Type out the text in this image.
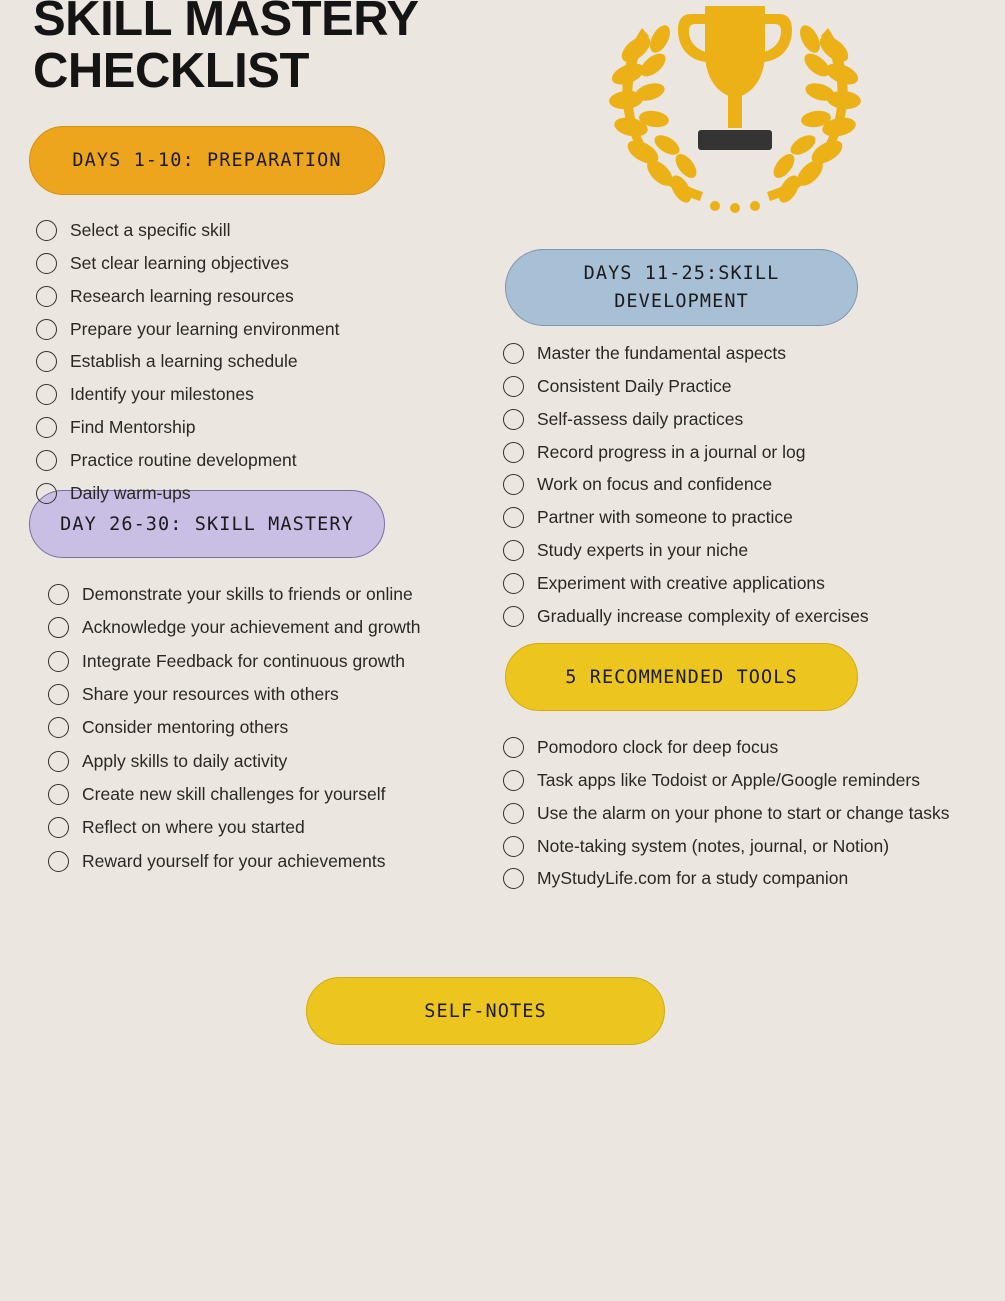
SKILL MASTERY
CHECKLIST
DAYS 1-10: PREPARATION
DAY 26-30: SKILL MASTERY
DAYS 11-25:SKILL DEVELOPMENT
5 RECOMMENDED TOOLS
SELF-NOTES
Select a specific skill
Set clear learning objectives
Research learning resources
Prepare your learning environment
Establish a learning schedule
Identify your milestones
Find Mentorship
Practice routine development
Daily warm-ups
Demonstrate your skills to friends or online
Acknowledge your achievement and growth
Integrate Feedback for continuous growth
Share your resources with others
Consider mentoring others
Apply skills to daily activity
Create new skill challenges for yourself
Reflect on where you started
Reward yourself for your achievements
Master the fundamental aspects
Consistent Daily Practice
Self-assess daily practices
Record progress in a journal or log
Work on focus and confidence
Partner with someone to practice
Study experts in your niche
Experiment with creative applications
Gradually increase complexity of exercises
Pomodoro clock for deep focus
Task apps like Todoist or Apple/Google reminders
Use the alarm on your phone to start or change tasks
Note-taking system (notes, journal, or Notion)
MyStudyLife.com for a study companion
